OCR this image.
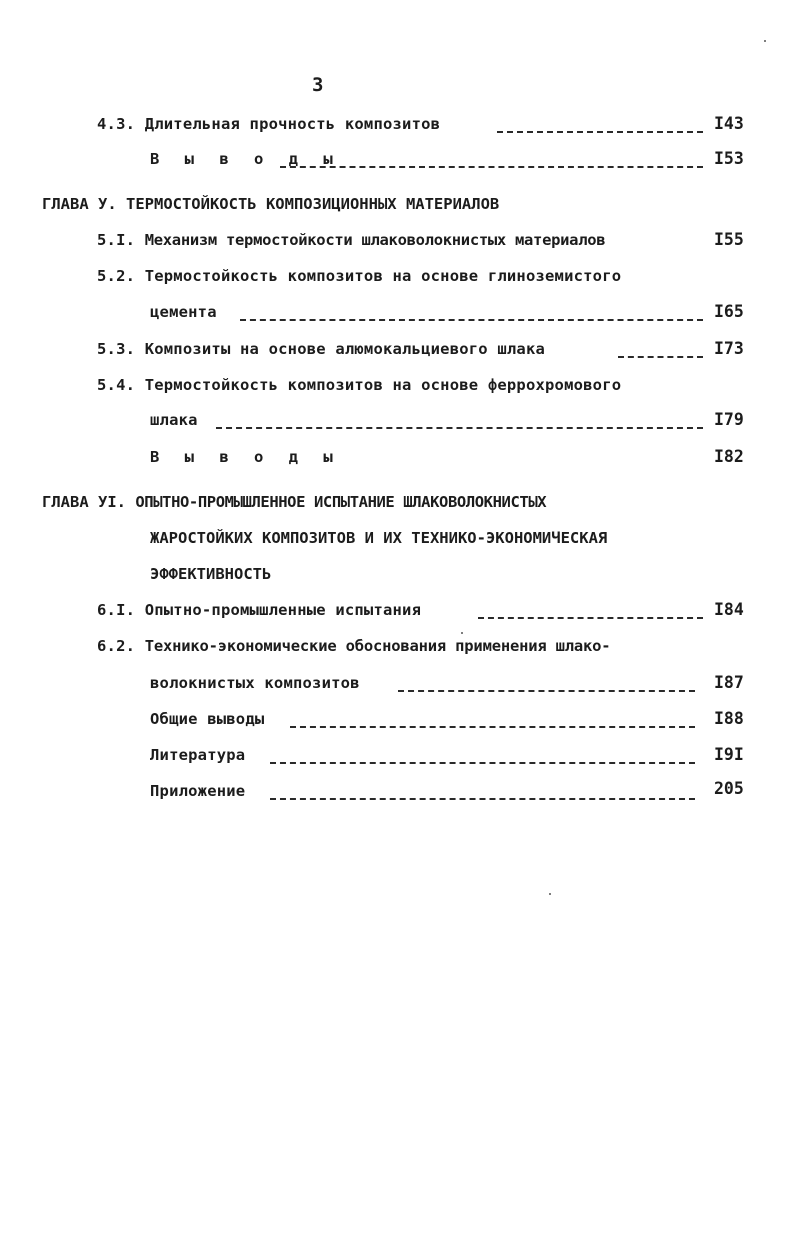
3
4.3. Длительная прочность композитов	I43
В ы в о д ы	I53
ГЛАВА У. ТЕРМОСТОЙКОСТЬ КОМПОЗИЦИОННЫХ МАТЕРИАЛОВ
5.I. Механизм термостойкости шлаковолокнистых материалов	I55
5.2. Термостойкость композитов на основе глиноземистого
цемента	I65
5.3. Композиты на основе алюмокальциевого шлака	I73
5.4. Термостойкость композитов на основе феррохромового
шлака	I79
В ы в о д ы	I82
ГЛАВА УI. ОПЫТНО-ПРОМЫШЛЕННОЕ ИСПЫТАНИЕ ШЛАКОВОЛОКНИСТЫХ
ЖАРОСТОЙКИХ КОМПОЗИТОВ И ИХ ТЕХНИКО-ЭКОНОМИЧЕСКАЯ
ЭФФЕКТИВНОСТЬ
6.I. Опытно-промышленные испытания	I84
6.2. Технико-экономические обоснования применения шлако-
волокнистых композитов	I87
Общие выводы	I88
Литература	I9I
Приложение	205
